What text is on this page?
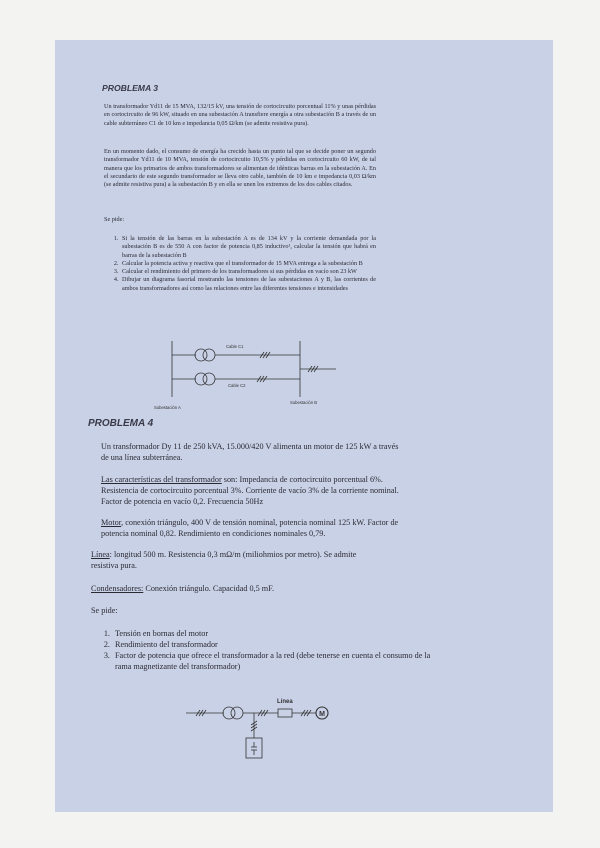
PROBLEMA 3
Un transformador Yd11 de 15 MVA, 132/15 kV, una tensión de cortocircuito porcentual 11% y unas pérdidas en cortocircuito de 96 kW, situado en una subestación A transfiere energía a otra subestación B a través de un cable subterráneo C1 de 10 km e impedancia 0,05 Ω/km (se admite resistiva pura).
En un momento dado, el consumo de energía ha crecido hasta un punto tal que se decide poner un segundo transformador Yd11 de 10 MVA, tensión de cortocircuito 10,5% y pérdidas en cortocircuito 60 kW, de tal manera que los primarios de ambos transformadores se alimentan de idénticas barras en la subestación A. En el secundario de este segundo transformador se lleva otro cable, también de 10 km e impedancia 0,03 Ω/km (se admite resistiva pura) a la subestación B y en ella se unen los extremos de los dos cables citados.
Se pide:
1. Si la tensión de las barras en la subestación A es de 134 kV y la corriente demandada por la subestación B es de 550 A con factor de potencia 0,85 inductivo¹, calcular la tensión que habrá en barras de la subestación B
2. Calcular la potencia activa y reactiva que el transformador de 15 MVA entrega a la subestación B
3. Calcular el rendimiento del primero de los transformadores si sus pérdidas en vacío son 23 kW
4. Dibujar un diagrama fasorial mostrando las tensiones de las subestaciones A y B, las corrientes de ambos transformadores así como las relaciones entre las diferentes tensiones e intensidades
Cable C1
Cable C2
Subestación A
Subestación B
PROBLEMA 4
Un transformador Dy 11 de 250 kVA, 15.000/420 V alimenta un motor de 125 kW a través de una línea subterránea.
Las características del transformador son: Impedancia de cortocircuito porcentual 6%. Resistencia de cortocircuito porcentual 3%. Corriente de vacío 3% de la corriente nominal. Factor de potencia en vacío 0,2. Frecuencia 50Hz
Motor, conexión triángulo, 400 V de tensión nominal, potencia nominal 125 kW. Factor de potencia nominal 0,82. Rendimiento en condiciones nominales 0,79.
Línea: longitud 500 m. Resistencia 0,3 mΩ/m (miliohmios por metro). Se admite resistiva pura.
Condensadores: Conexión triángulo. Capacidad 0,5 mF.
Se pide:
1. Tensión en bornas del motor
2. Rendimiento del transformador
3. Factor de potencia que ofrece el transformador a la red (debe tenerse en cuenta el consumo de la rama magnetizante del transformador)
Línea
M
